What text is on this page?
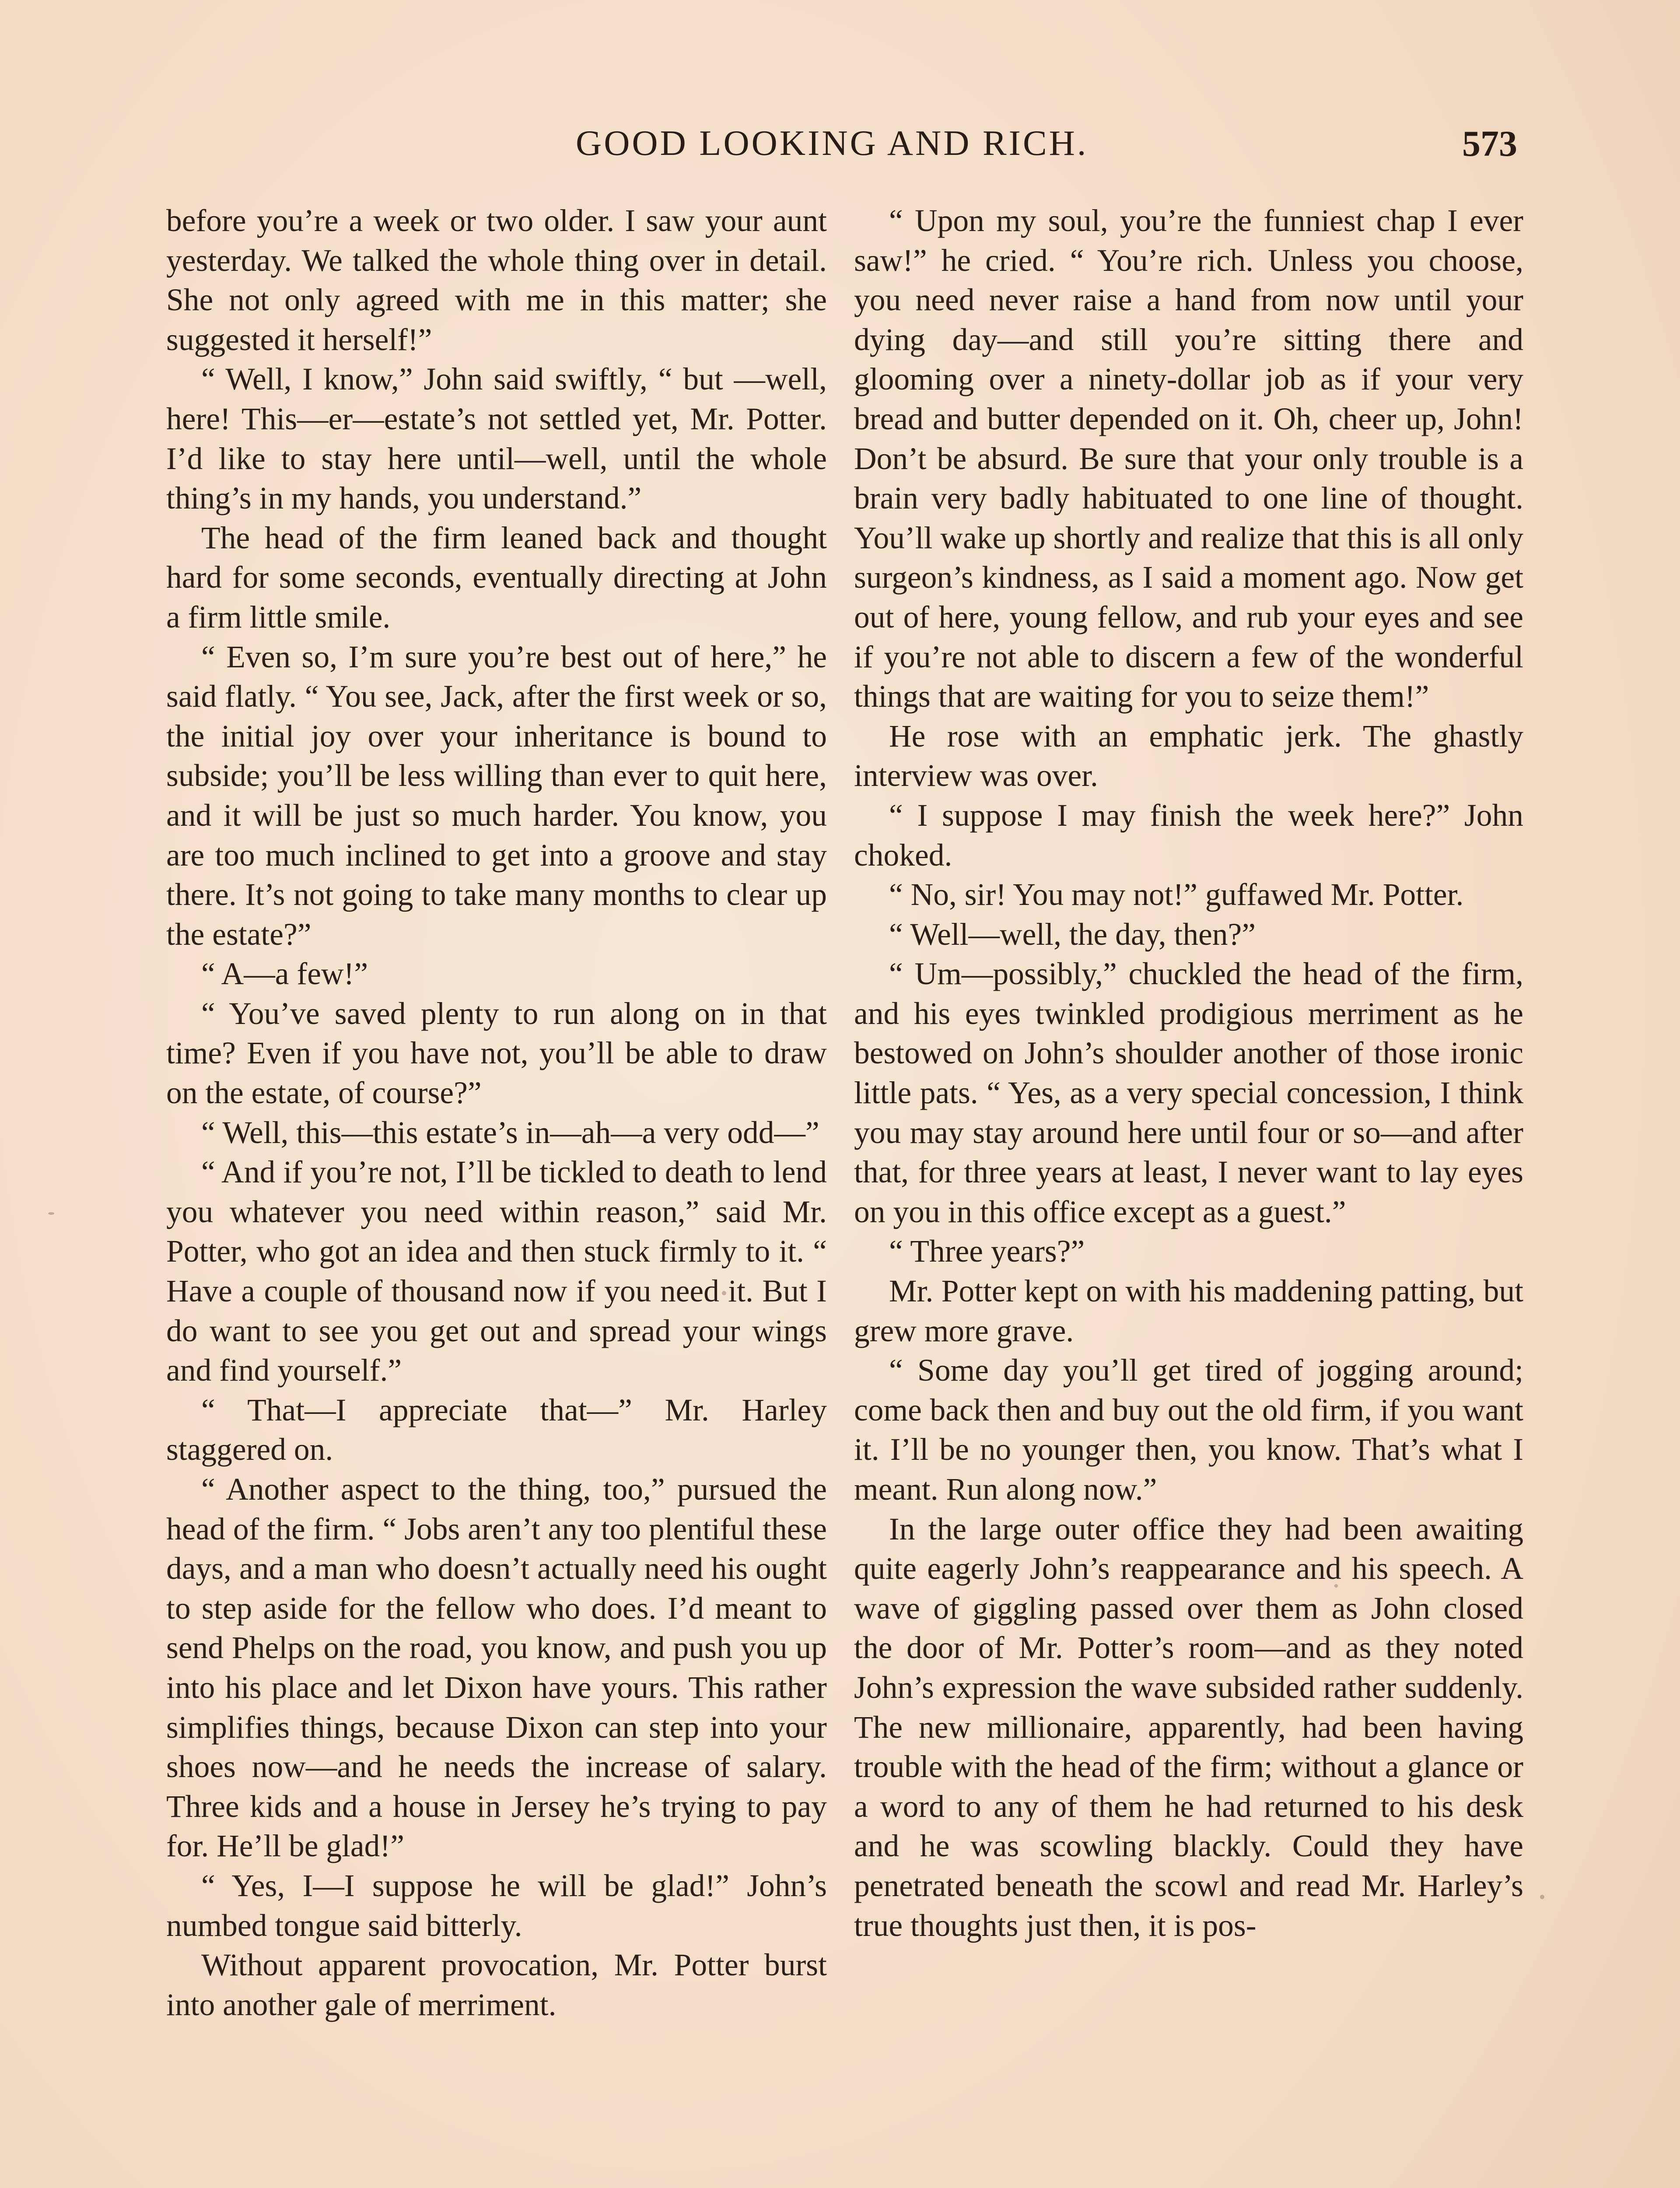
GOOD LOOKING AND RICH.	573

before you’re a week or two older. I saw your aunt yesterday. We talked the whole thing over in detail. She not only agreed with me in this matter; she suggested it herself!”

“ Well, I know,” John said swiftly, “ but —well, here! This—er—estate’s not settled yet, Mr. Potter. I’d like to stay here until—well, until the whole thing’s in my hands, you understand.”

The head of the firm leaned back and thought hard for some seconds, eventually directing at John a firm little smile.

“ Even so, I’m sure you’re best out of here,” he said flatly. “ You see, Jack, after the first week or so, the initial joy over your inheritance is bound to subside; you’ll be less willing than ever to quit here, and it will be just so much harder. You know, you are too much inclined to get into a groove and stay there. It’s not going to take many months to clear up the estate?”

“ A—a few!”

“ You’ve saved plenty to run along on in that time? Even if you have not, you’ll be able to draw on the estate, of course?”

“ Well, this—this estate’s in—ah—a very odd—”

“ And if you’re not, I’ll be tickled to death to lend you whatever you need within reason,” said Mr. Potter, who got an idea and then stuck firmly to it. “ Have a couple of thousand now if you need it. But I do want to see you get out and spread your wings and find yourself.”

“ That—I appreciate that—” Mr. Harley staggered on.

“ Another aspect to the thing, too,” pursued the head of the firm. “ Jobs aren’t any too plentiful these days, and a man who doesn’t actually need his ought to step aside for the fellow who does. I’d meant to send Phelps on the road, you know, and push you up into his place and let Dixon have yours. This rather simplifies things, because Dixon can step into your shoes now—and he needs the increase of salary. Three kids and a house in Jersey he’s trying to pay for. He’ll be glad!”

“ Yes, I—I suppose he will be glad!” John’s numbed tongue said bitterly.

Without apparent provocation, Mr. Potter burst into another gale of merriment.

“ Upon my soul, you’re the funniest chap I ever saw!” he cried. “ You’re rich. Unless you choose, you need never raise a hand from now until your dying day—and still you’re sitting there and glooming over a ninety-dollar job as if your very bread and butter depended on it. Oh, cheer up, John! Don’t be absurd. Be sure that your only trouble is a brain very badly habituated to one line of thought. You’ll wake up shortly and realize that this is all only surgeon’s kindness, as I said a moment ago. Now get out of here, young fellow, and rub your eyes and see if you’re not able to discern a few of the wonderful things that are waiting for you to seize them!”

He rose with an emphatic jerk. The ghastly interview was over.

“ I suppose I may finish the week here?” John choked.

“ No, sir! You may not!” guffawed Mr. Potter.

“ Well—well, the day, then?”

“ Um—possibly,” chuckled the head of the firm, and his eyes twinkled prodigious merriment as he bestowed on John’s shoulder another of those ironic little pats. “ Yes, as a very special concession, I think you may stay around here until four or so—and after that, for three years at least, I never want to lay eyes on you in this office except as a guest.”

“ Three years?”

Mr. Potter kept on with his maddening patting, but grew more grave.

“ Some day you’ll get tired of jogging around; come back then and buy out the old firm, if you want it. I’ll be no younger then, you know. That’s what I meant. Run along now.”

In the large outer office they had been awaiting quite eagerly John’s reappearance and his speech. A wave of giggling passed over them as John closed the door of Mr. Potter’s room—and as they noted John’s expression the wave subsided rather suddenly. The new millionaire, apparently, had been having trouble with the head of the firm; without a glance or a word to any of them he had returned to his desk and he was scowling blackly. Could they have penetrated beneath the scowl and read Mr. Harley’s true thoughts just then, it is pos-
